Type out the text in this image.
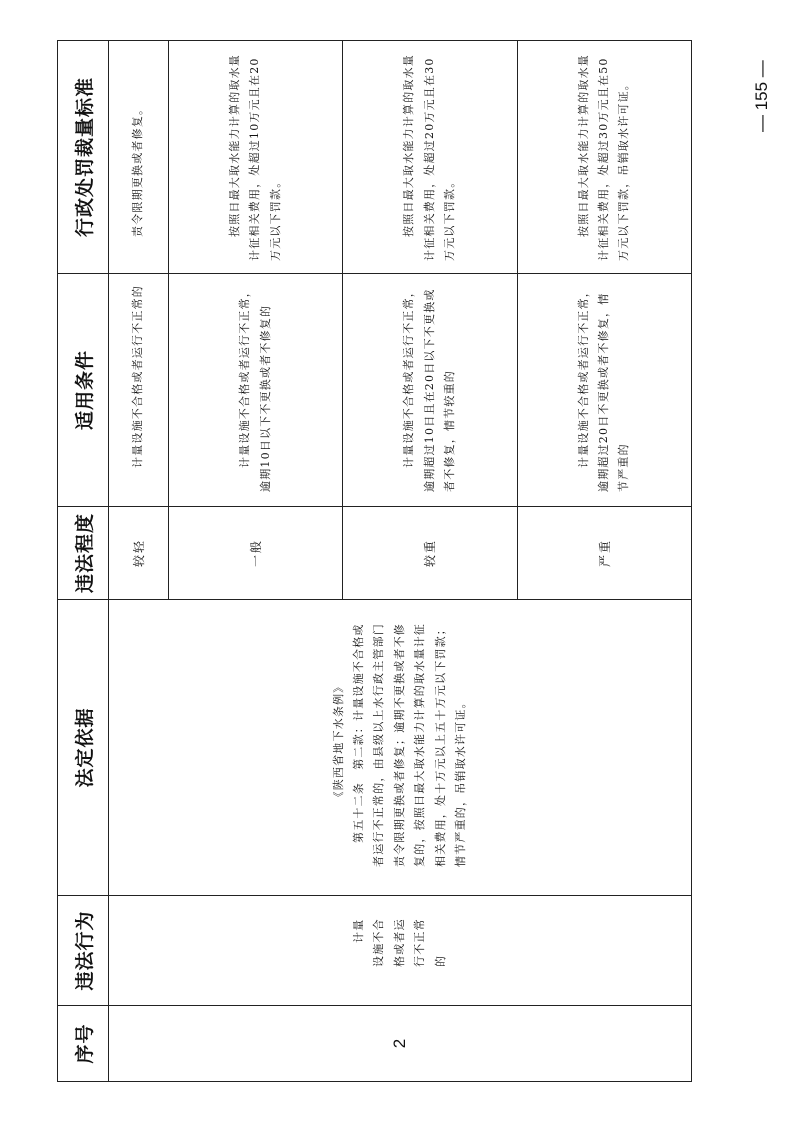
序号	违法行为	法定依据	违法程度	适用条件	行政处罚裁量标准
2	计量设施不合格或者运行不正常的	《陕西省地下水条例》 第五十二条　第二款：计量设施不合格或者运行不正常的，由县级以上水行政主管部门责令限期更换或者修复；逾期不更换或者不修复的，按照日最大取水能力计算的取水量计征相关费用，处十万元以上五十万元以下罚款；情节严重的，吊销取水许可证。	较轻	计量设施不合格或者运行不正常的	责令限期更换或者修复。
			一般	计量设施不合格或者运行不正常，逾期10日以下不更换或者不修复的	按照日最大取水能力计算的取水量计征相关费用，处超过10万元且在20万元以下罚款。
			较重	计量设施不合格或者运行不正常，逾期超过10日且在20日以下不更换或者不修复，情节较重的	按照日最大取水能力计算的取水量计征相关费用，处超过20万元且在30万元以下罚款。
			严重	计量设施不合格或者运行不正常，逾期超过20日不更换或者不修复，情节严重的	按照日最大取水能力计算的取水量计征相关费用，处超过30万元且在50万元以下罚款，吊销取水许可证。	— 155 —
